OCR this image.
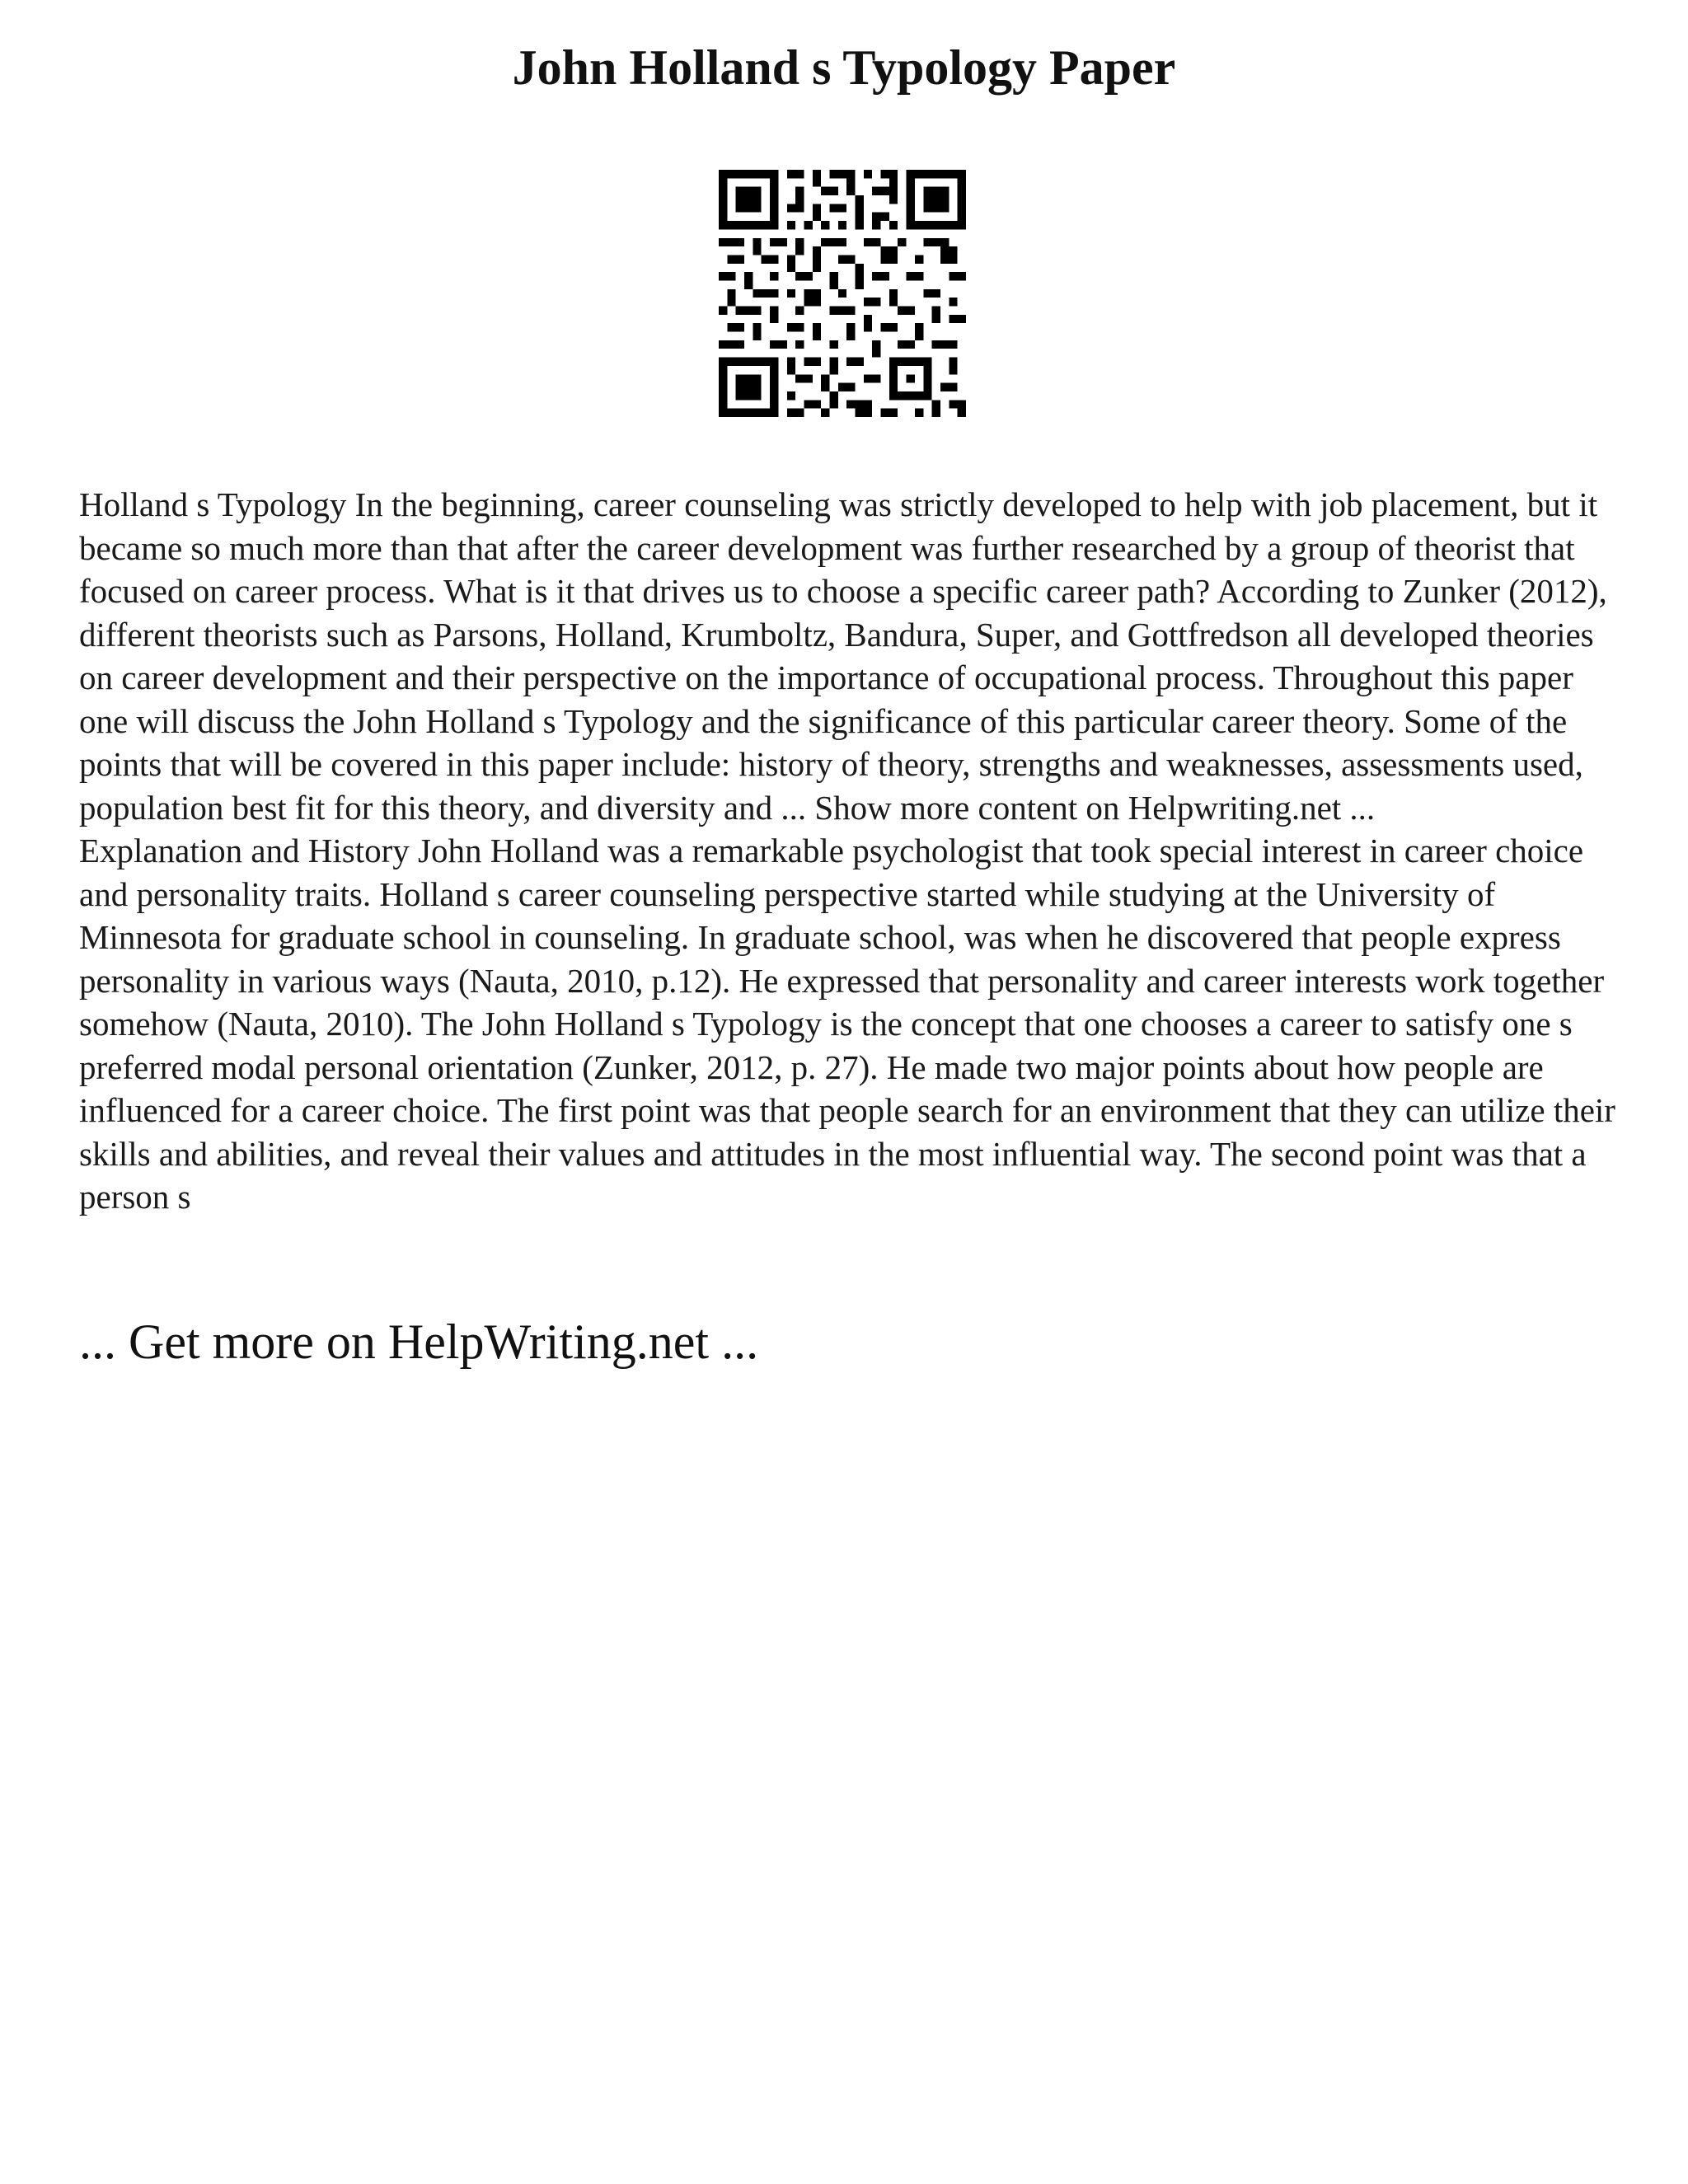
John Holland s Typology Paper

Holland s Typology In the beginning, career counseling was strictly developed to help with job placement, but it became so much more than that after the career development was further researched by a group of theorist that focused on career process. What is it that drives us to choose a specific career path? According to Zunker (2012), different theorists such as Parsons, Holland, Krumboltz, Bandura, Super, and Gottfredson all developed theories on career development and their perspective on the importance of occupational process. Throughout this paper one will discuss the John Holland s Typology and the significance of this particular career theory. Some of the points that will be covered in this paper include: history of theory, strengths and weaknesses, assessments used, population best fit for this theory, and diversity and ... Show more content on Helpwriting.net ...

Explanation and History John Holland was a remarkable psychologist that took special interest in career choice and personality traits. Holland s career counseling perspective started while studying at the University of Minnesota for graduate school in counseling. In graduate school, was when he discovered that people express personality in various ways (Nauta, 2010, p.12). He expressed that personality and career interests work together somehow (Nauta, 2010). The John Holland s Typology is the concept that one chooses a career to satisfy one s preferred modal personal orientation (Zunker, 2012, p. 27). He made two major points about how people are influenced for a career choice. The first point was that people search for an environment that they can utilize their skills and abilities, and reveal their values and attitudes in the most influential way. The second point was that a person s

... Get more on HelpWriting.net ...
